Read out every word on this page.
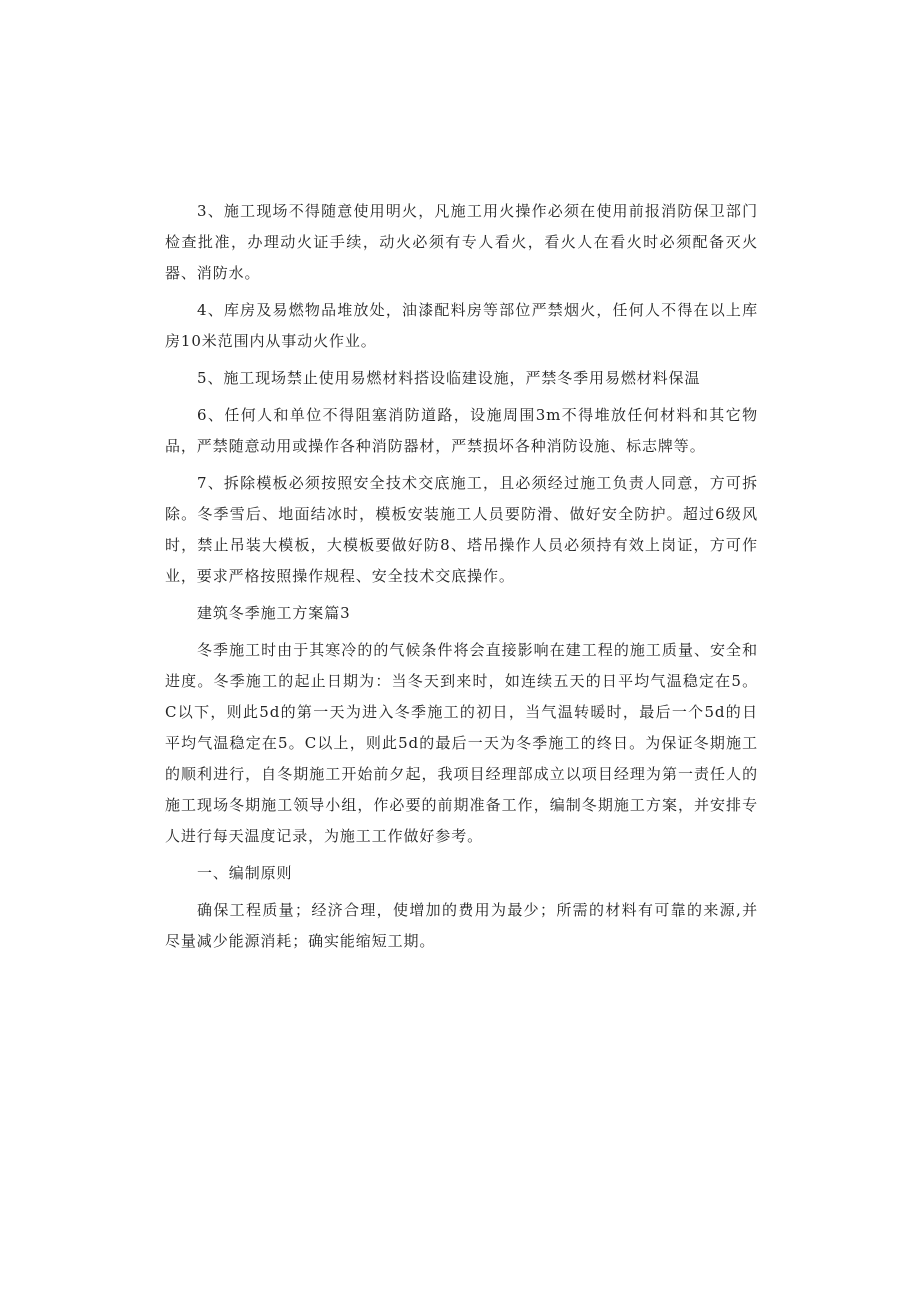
3、施工现场不得随意使用明火，凡施工用火操作必须在使用前报消防保卫部门检查批准，办理动火证手续，动火必须有专人看火，看火人在看火时必须配备灭火器、消防水。

4、库房及易燃物品堆放处，油漆配料房等部位严禁烟火，任何人不得在以上库房10米范围内从事动火作业。

5、施工现场禁止使用易燃材料搭设临建设施，严禁冬季用易燃材料保温

6、任何人和单位不得阻塞消防道路，设施周围3m不得堆放任何材料和其它物品，严禁随意动用或操作各种消防器材，严禁损坏各种消防设施、标志牌等。

7、拆除模板必须按照安全技术交底施工，且必须经过施工负责人同意，方可拆除。冬季雪后、地面结冰时，模板安装施工人员要防滑、做好安全防护。超过6级风时，禁止吊装大模板，大模板要做好防8、塔吊操作人员必须持有效上岗证，方可作业，要求严格按照操作规程、安全技术交底操作。

建筑冬季施工方案篇3

冬季施工时由于其寒冷的的气候条件将会直接影响在建工程的施工质量、安全和进度。冬季施工的起止日期为：当冬天到来时，如连续五天的日平均气温稳定在5。C以下，则此5d的第一天为进入冬季施工的初日，当气温转暖时，最后一个5d的日平均气温稳定在5。C以上，则此5d的最后一天为冬季施工的终日。为保证冬期施工的顺利进行，自冬期施工开始前夕起，我项目经理部成立以项目经理为第一责任人的施工现场冬期施工领导小组，作必要的前期准备工作，编制冬期施工方案，并安排专人进行每天温度记录，为施工工作做好参考。

一、编制原则

确保工程质量；经济合理，使增加的费用为最少；所需的材料有可靠的来源,并尽量减少能源消耗；确实能缩短工期。
